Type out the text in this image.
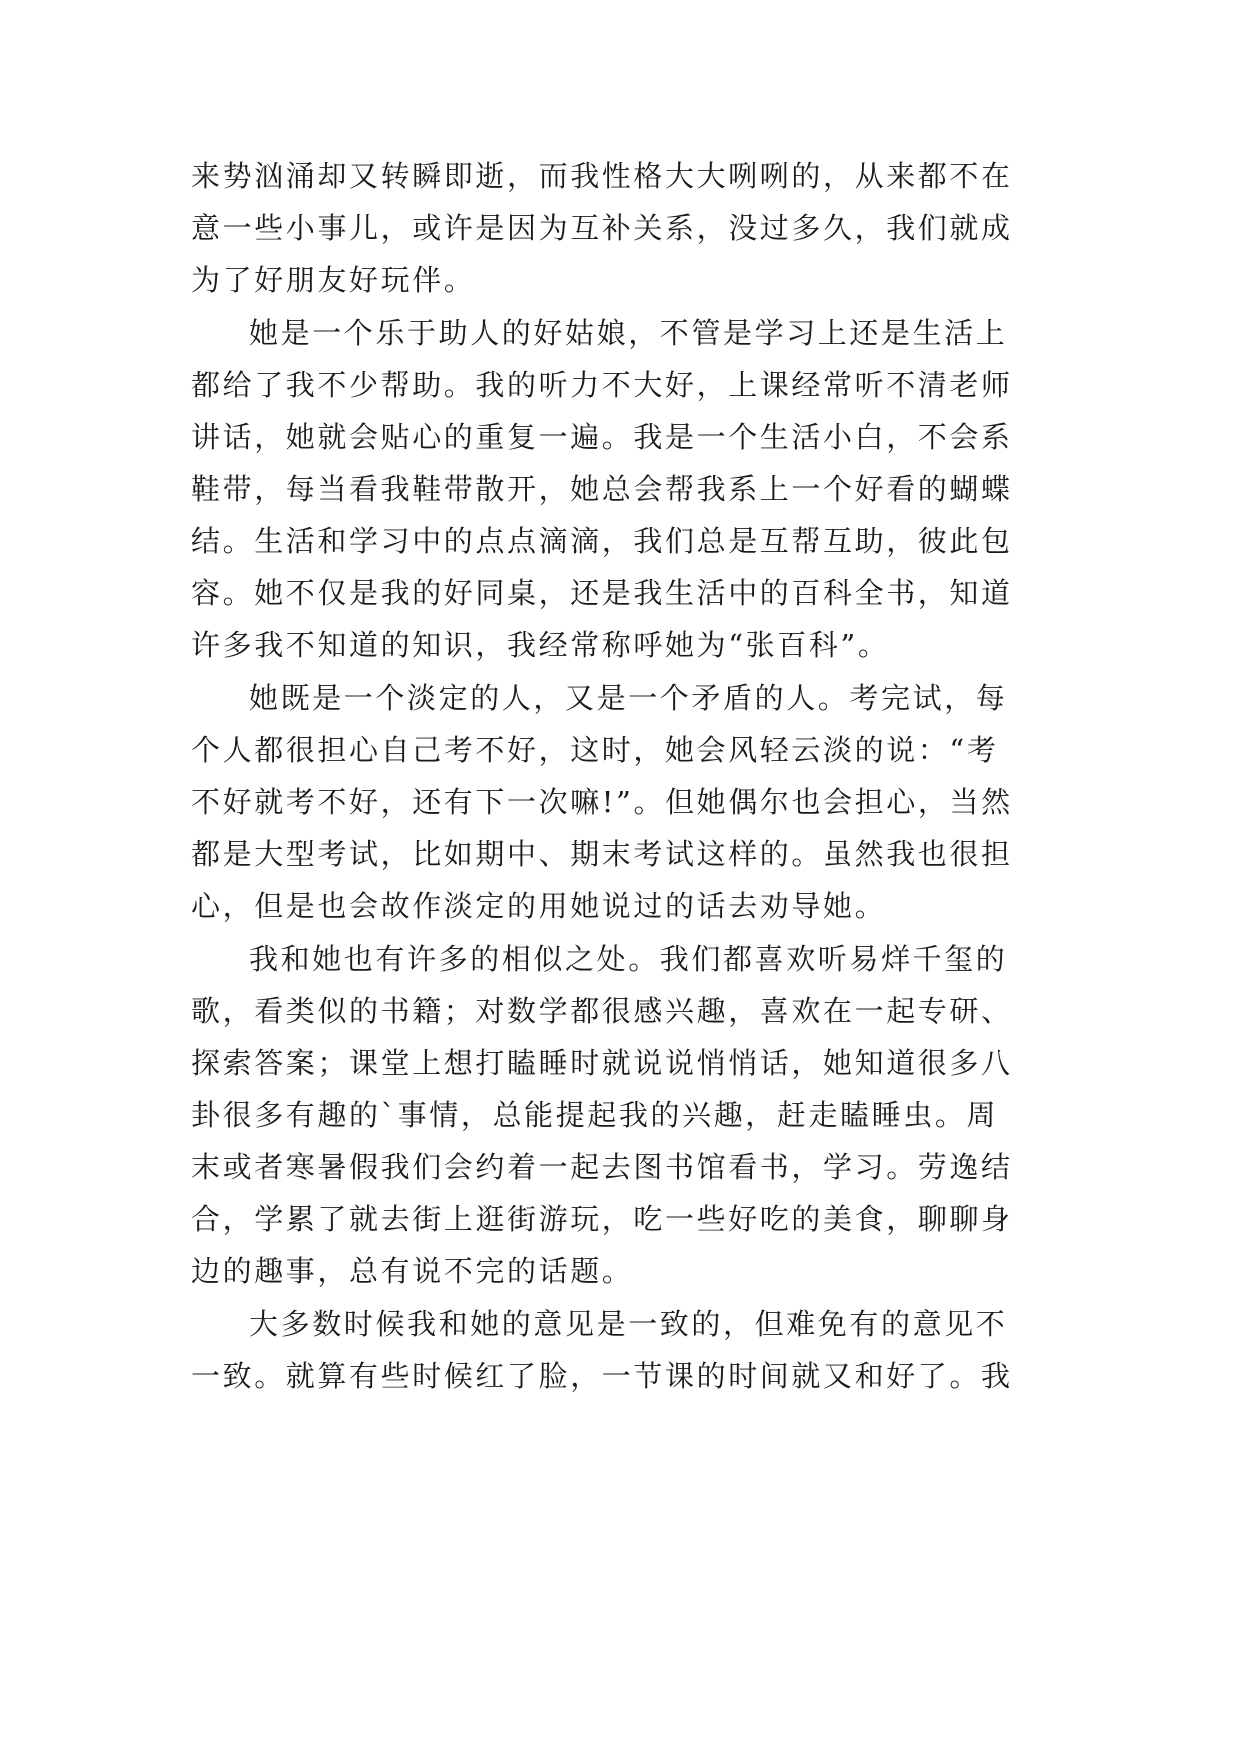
来势汹涌却又转瞬即逝，而我性格大大咧咧的，从来都不在
意一些小事儿，或许是因为互补关系，没过多久，我们就成
为了好朋友好玩伴。
她是一个乐于助人的好姑娘，不管是学习上还是生活上
都给了我不少帮助。我的听力不大好，上课经常听不清老师
讲话，她就会贴心的重复一遍。我是一个生活小白，不会系
鞋带，每当看我鞋带散开，她总会帮我系上一个好看的蝴蝶
结。生活和学习中的点点滴滴，我们总是互帮互助，彼此包
容。她不仅是我的好同桌，还是我生活中的百科全书，知道
许多我不知道的知识，我经常称呼她为“张百科”。
她既是一个淡定的人，又是一个矛盾的人。考完试，每
个人都很担心自己考不好，这时，她会风轻云淡的说：“考
不好就考不好，还有下一次嘛!”。但她偶尔也会担心，当然
都是大型考试，比如期中、期末考试这样的。虽然我也很担
心，但是也会故作淡定的用她说过的话去劝导她。
我和她也有许多的相似之处。我们都喜欢听易烊千玺的
歌，看类似的书籍；对数学都很感兴趣，喜欢在一起专研、
探索答案；课堂上想打瞌睡时就说说悄悄话，她知道很多八
卦很多有趣的`事情，总能提起我的兴趣，赶走瞌睡虫。周
末或者寒暑假我们会约着一起去图书馆看书，学习。劳逸结
合，学累了就去街上逛街游玩，吃一些好吃的美食，聊聊身
边的趣事，总有说不完的话题。
大多数时候我和她的意见是一致的，但难免有的意见不
一致。就算有些时候红了脸，一节课的时间就又和好了。我
